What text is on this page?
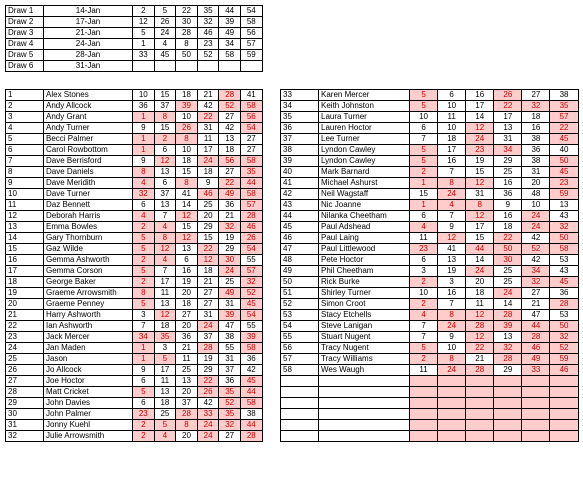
Draw 1	14-Jan	2	5	22	35	44	54
Draw 2	17-Jan	12	26	30	32	39	58
Draw 3	21-Jan	5	24	28	46	49	56
Draw 4	24-Jan	1	4	8	23	34	57
Draw 5	28-Jan	33	45	50	52	58	59
Draw 6	31-Jan						
1	Alex Stones	10	15	18	21	28	41
2	Andy Allcock	36	37	39	42	52	58
3	Andy Grant	1	8	10	22	27	56
4	Andy Turner	9	15	26	31	42	54
5	Becci Palmer	1	2	8	11	13	27
6	Carol Rowbottom	1	6	10	17	18	27
7	Dave Berrisford	9	12	18	24	56	58
8	Dave Daniels	8	13	15	18	27	35
9	Dave Meridith	4	6	8	9	22	44
10	Dave Turner	32	37	41	46	49	58
11	Daz Bennett	6	13	14	25	36	57
12	Deborah Harris	4	7	12	20	21	28
13	Emma Bowles	2	4	15	29	32	46
14	Gary Thornburn	5	8	12	15	19	26
15	Gaz Wilde	5	12	13	22	29	54
16	Gemma Ashworth	2	4	6	12	30	55
17	Gemma Corson	5	7	16	18	24	57
18	George Baker	2	17	19	21	25	32
19	Graeme Arrowsmith	8	11	20	27	49	52
20	Graeme Penney	5	13	18	27	31	45
21	Harry Ashworth	3	12	27	31	39	54
22	Ian Ashworth	7	18	20	24	47	55
23	Jack Mercer	34	35	36	37	38	39
24	Jan Maden	1	3	21	28	55	58
25	Jason	1	5	11	19	31	36
26	Jo Allcock	9	17	25	29	37	42
27	Joe Hoctor	6	11	13	22	36	45
28	Matt Cricket	5	13	20	26	35	44
29	John Davies	6	18	37	42	52	58
30	John Palmer	23	25	28	33	35	38
31	Jonny Kuehl	2	5	8	24	32	44
32	Julie Arrowsmith	2	4	20	24	27	28
33	Karen Mercer	5	6	16	26	27	38
34	Keith Johnston	5	10	17	22	32	35
35	Laura Turner	10	11	14	17	18	57
36	Lauren Hoctor	6	10	12	13	16	22
37	Lee Turner	7	18	24	31	38	45
38	Lyndon Cawley	5	17	23	34	36	40
39	Lyndon Cawley	5	16	19	29	38	50
40	Mark Barnard	2	7	15	25	31	45
41	Michael Ashurst	1	8	12	16	20	23
42	Neil Wagstaff	15	24	31	36	48	59
43	Nic Joanne	1	4	8	9	10	13
44	Nilanka Cheetham	6	7	12	16	24	43
45	Paul Adshead	4	9	17	18	24	32
46	Paul Laing	11	12	15	22	42	50
47	Paul Littlewood	23	41	44	50	52	58
48	Pete Hoctor	6	13	14	30	42	53
49	Phil Cheetham	3	19	24	25	34	43
50	Rick Burke	2	3	20	25	32	45
51	Shirley Turner	10	16	18	24	27	36
52	Simon Croot	2	7	11	14	21	28
53	Stacy Etchells	4	8	12	28	47	53
54	Steve Lanigan	7	24	28	39	44	50
55	Stuart Nugent	7	9	12	13	28	32
56	Tracy Nugent	5	10	22	32	46	52
57	Tracy Williams	2	8	21	28	49	59
58	Wes Waugh	11	24	28	29	33	46
